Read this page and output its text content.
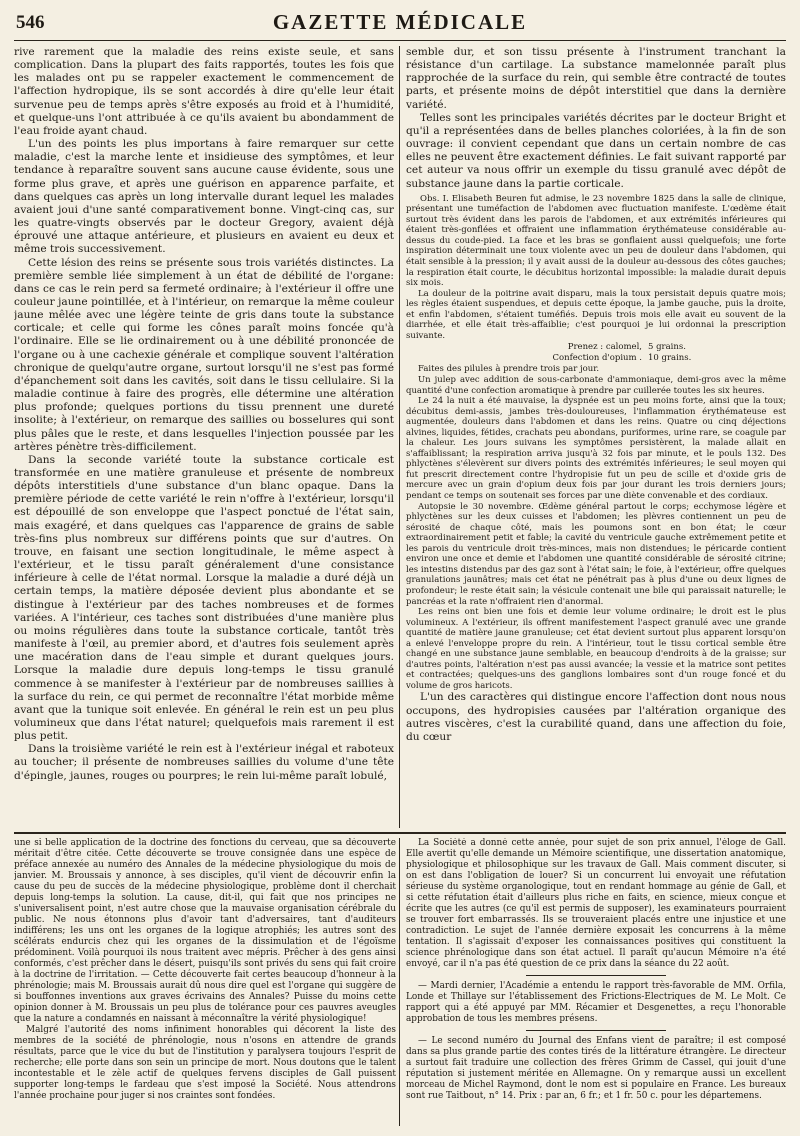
546	GAZETTE MÉDICALE

rive rarement que la maladie des reins existe seule, et sans complication. Dans la plupart des faits rapportés, toutes les fois que les malades ont pu se rappeler exactement le commencement de l'affection hydropique, ils se sont accordés à dire qu'elle leur était survenue peu de temps après s'être exposés au froid et à l'humidité, et quelque-uns l'ont attribuée à ce qu'ils avaient bu abondamment de l'eau froide ayant chaud.

L'un des points les plus importans à faire remarquer sur cette maladie, c'est la marche lente et insidieuse des symptômes, et leur tendance à reparaître souvent sans aucune cause évidente, sous une forme plus grave, et après une guérison en apparence parfaite, et dans quelques cas après un long intervalle durant lequel les malades avaient joui d'une santé comparativement bonne. Vingt-cinq cas, sur les quatre-vingts observés par le docteur Gregory, avaient déjà éprouvé une attaque antérieure, et plusieurs en avaient eu deux et même trois successivement.

Cette lésion des reins se présente sous trois variétés distinctes. La première semble liée simplement à un état de débilité de l'organe: dans ce cas le rein perd sa fermeté ordinaire; à l'extérieur il offre une couleur jaune pointillée, et à l'intérieur, on remarque la même couleur jaune mêlée avec une légère teinte de gris dans toute la substance corticale; et celle qui forme les cônes paraît moins foncée qu'à l'ordinaire. Elle se lie ordinairement ou à une débilité prononcée de l'organe ou à une cachexie générale et complique souvent l'altération chronique de quelqu'autre organe, surtout lorsqu'il ne s'est pas formé d'épanchement soit dans les cavités, soit dans le tissu cellulaire. Si la maladie continue à faire des progrès, elle détermine une altération plus profonde; quelques portions du tissu prennent une dureté insolite; à l'extérieur, on remarque des saillies ou bosselures qui sont plus pâles que le reste, et dans lesquelles l'injection poussée par les artères pénètre très-difficilement.

Dans la seconde variété toute la substance corticale est transformée en une matière granuleuse et présente de nombreux dépôts interstitiels d'une substance d'un blanc opaque. Dans la première période de cette variété le rein n'offre à l'extérieur, lorsqu'il est dépouillé de son enveloppe que l'aspect ponctué de l'état sain, mais exagéré, et dans quelques cas l'apparence de grains de sable très-fins plus nombreux sur différens points que sur d'autres. On trouve, en faisant une section longitudinale, le même aspect à l'extérieur, et le tissu paraît généralement d'une consistance inférieure à celle de l'état normal. Lorsque la maladie a duré déjà un certain temps, la matière déposée devient plus abondante et se distingue à l'extérieur par des taches nombreuses et de formes variées. A l'intérieur, ces taches sont distribuées d'une manière plus ou moins régulières dans toute la substance corticale, tantôt très manifeste à l'œil, au premier abord, et d'autres fois seulement après une macération dans de l'eau simple et durant quelques jours. Lorsque la maladie dure depuis long-temps le tissu granulé commence à se manifester à l'extérieur par de nombreuses saillies à la surface du rein, ce qui permet de reconnaître l'état morbide même avant que la tunique soit enlevée. En général le rein est un peu plus volumineux que dans l'état naturel; quelquefois mais rarement il est plus petit.

Dans la troisième variété le rein est à l'extérieur inégal et raboteux au toucher; il présente de nombreuses saillies du volume d'une tête d'épingle, jaunes, rouges ou pourpres; le rein lui-même paraît lobulé,

semble dur, et son tissu présente à l'instrument tranchant la résistance d'un cartilage. La substance mamelonnée paraît plus rapprochée de la surface du rein, qui semble être contracté de toutes parts, et présente moins de dépôt interstitiel que dans la dernière variété.

Telles sont les principales variétés décrites par le docteur Bright et qu'il a représentées dans de belles planches coloriées, à la fin de son ouvrage: il convient cependant que dans un certain nombre de cas elles ne peuvent être exactement définies. Le fait suivant rapporté par cet auteur va nous offrir un exemple du tissu granulé avec dépôt de substance jaune dans la partie corticale.

Obs. I. Elisabeth Beuren fut admise, le 23 novembre 1825 dans la salle de clinique, présentant une tuméfaction de l'abdomen avec fluctuation manifeste. L'œdème était surtout très évident dans les parois de l'abdomen, et aux extrémités inférieures qui étaient très-gonflées et offraient une inflammation érythémateuse considérable au-dessus du coude-pied. La face et les bras se gonflaient aussi quelquefois; une forte inspiration déterminait une toux violente avec un peu de douleur dans l'abdomen, qui était sensible à la pression; il y avait aussi de la douleur au-dessous des côtes gauches; la respiration était courte, le décubitus horizontal impossible: la maladie durait depuis six mois.

La douleur de la poitrine avait disparu, mais la toux persistait depuis quatre mois; les règles étaient suspendues, et depuis cette époque, la jambe gauche, puis la droite, et enfin l'abdomen, s'étaient tuméfiés. Depuis trois mois elle avait eu souvent de la diarrhée, et elle était très-affaiblie; c'est pourquoi je lui ordonnai la prescription suivante.

Prenez : calomel, 5 grains.
Confection d'opium . 10 grains.
Faites des pilules à prendre trois par jour.

Un julep avec addition de sous-carbonate d'ammoniaque, demi-gros avec la même quantité d'une confection aromatique à prendre par cuillerée toutes les six heures.

Le 24 la nuit a été mauvaise, la dyspnée est un peu moins forte, ainsi que la toux; décubitus demi-assis, jambes très-douloureuses, l'inflammation érythémateuse est augmentée, douleurs dans l'abdomen et dans les reins. Quatre ou cinq déjections alvines, liquides, fétides, crachats peu abondans, puriformes, urine rare, se coagule par la chaleur. Les jours suivans les symptômes persistèrent, la malade allait en s'affaiblissant; la respiration arriva jusqu'à 32 fois par minute, et le pouls 132. Des phlyctènes s'élevèrent sur divers points des extrémités inférieures; le seul moyen qui fut prescrit directement contre l'hydropisie fut un peu de scille et d'oxide gris de mercure avec un grain d'opium deux fois par jour durant les trois derniers jours; pendant ce temps on soutenait ses forces par une diète convenable et des cordiaux.

Autopsie le 30 novembre. Œdème général partout le corps; ecchymose légère et phlyctènes sur les deux cuisses et l'abdomen; les plèvres contiennent un peu de sérosité de chaque côté, mais les poumons sont en bon état; le cœur extraordinairement petit et fable; la cavité du ventricule gauche extrêmement petite et les parois du ventricule droit très-minces, mais non distendues; le péricarde contient environ une once et demie et l'abdomen une quantité considérable de sérosité citrine; les intestins distendus par des gaz sont à l'état sain; le foie, à l'extérieur, offre quelques granulations jaunâtres; mais cet état ne pénétrait pas à plus d'une ou deux lignes de profondeur; le reste était sain; la vésicule contenait une bile qui paraissait naturelle; le pancréas et la rate n'offraient rien d'anormal.

Les reins ont bien une fois et demie leur volume ordinaire; le droit est le plus volumineux. A l'extérieur, ils offrent manifestement l'aspect granulé avec une grande quantité de matière jaune granuleuse; cet état devient surtout plus apparent lorsqu'on a enlevé l'enveloppe propre du rein. A l'intérieur, tout le tissu cortical semble être changé en une substance jaune semblable, en beaucoup d'endroits à de la graisse; sur d'autres points, l'altération n'est pas aussi avancée; la vessie et la matrice sont petites et contractées; quelques-uns des ganglions lombaires sont d'un rouge foncé et du volume de gros haricots.

L'un des caractères qui distingue encore l'affection dont nous nous occupons, des hydropisies causées par l'altération organique des autres viscères, c'est la curabilité quand, dans une affection du foie, du cœur

une si belle application de la doctrine des fonctions du cerveau, que sa découverte méritait d'être citée. Cette découverte se trouve consignée dans une espèce de préface annexée au numéro des Annales de la médecine physiologique du mois de janvier. M. Broussais y annonce, à ses disciples, qu'il vient de découvrir enfin la cause du peu de succès de la médecine physiologique, problème dont il cherchait depuis long-temps la solution. La cause, dit-il, qui fait que nos principes ne s'universalisent point, n'est autre chose que la mauvaise organisation cérébrale du public. Ne nous étonnons plus d'avoir tant d'adversaires, tant d'auditeurs indifférens; les uns ont les organes de la logique atrophiés; les autres sont des scélérats endurcis chez qui les organes de la dissimulation et de l'égoïsme prédominent. Voilà pourquoi ils nous traitent avec mépris. Prêcher à des gens ainsi conformés, c'est prêcher dans le désert, puisqu'ils sont privés du sens qui fait croire à la doctrine de l'irritation. — Cette découverte fait certes beaucoup d'honneur à la phrénologie; mais M. Broussais aurait dû nous dire quel est l'organe qui suggère de si bouffonnes inventions aux graves écrivains des Annales? Puisse du moins cette opinion donner à M. Broussais un peu plus de tolérance pour ces pauvres aveugles que la nature a condamnés en naissant à méconnaître la vérité physiologique!

Malgré l'autorité des noms infiniment honorables qui décorent la liste des membres de la société de phrénologie, nous n'osons en attendre de grands résultats, parce que le vice du but de l'institution y paralysera toujours l'esprit de recherche; elle porte dans son sein un principe de mort. Nous doutons que le talent incontestable et le zèle actif de quelques fervens disciples de Gall puissent supporter long-temps le fardeau que s'est imposé la Société. Nous attendrons l'année prochaine pour juger si nos craintes sont fondées.

La Société a donné cette année, pour sujet de son prix annuel, l'éloge de Gall. Elle avertit qu'elle demande un Mémoire scientifique, une dissertation anatomique, physiologique et philosophique sur les travaux de Gall. Mais comment discuter, si on est dans l'obligation de louer? Si un concurrent lui envoyait une réfutation sérieuse du système organologique, tout en rendant hommage au génie de Gall, et si cette réfutation était d'ailleurs plus riche en faits, en science, mieux conçue et écrite que les autres (ce qu'il est permis de supposer), les examinateurs pourraient se trouver fort embarrassés. Ils se trouveraient placés entre une injustice et une contradiction. Le sujet de l'année dernière exposait les concurrens à la même tentation. Il s'agissait d'exposer les connaissances positives qui constituent la science phrénologique dans son état actuel. Il paraît qu'aucun Mémoire n'a été envoyé, car il n'a pas été question de ce prix dans la séance du 22 août.

— Mardi dernier, l'Académie a entendu le rapport très-favorable de MM. Orfila, Londe et Thillaye sur l'établissement des Frictions-Electriques de M. Le Molt. Ce rapport qui a été appuyé par MM. Récamier et Desgenettes, a reçu l'honorable approbation de tous les membres présens.

— Le second numéro du Journal des Enfans vient de paraître; il est composé dans sa plus grande partie des contes tirés de la littérature étrangère. Le directeur a surtout fait traduire une collection des frères Grimm de Cassel, qui jouit d'une réputation si justement méritée en Allemagne. On y remarque aussi un excellent morceau de Michel Raymond, dont le nom est si populaire en France. Les bureaux sont rue Taitbout, n° 14. Prix : par an, 6 fr.; et 1 fr. 50 c. pour les départemens.
